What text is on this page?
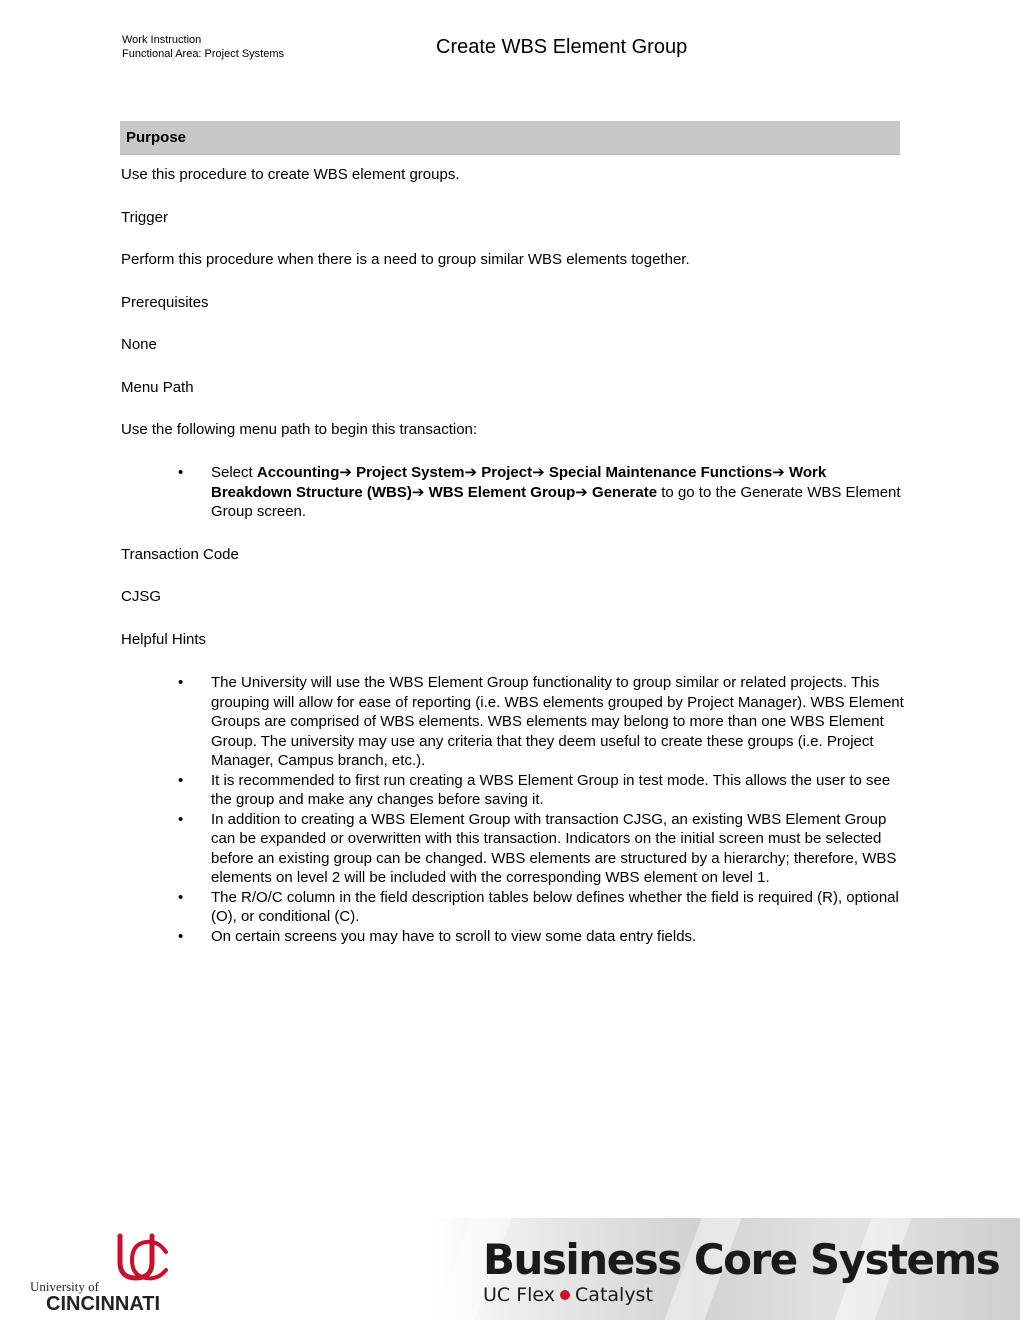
Work Instruction
Functional Area: Project Systems	Create WBS Element Group
Purpose
Use this procedure to create WBS element groups.
Trigger
Perform this procedure when there is a need to group similar WBS elements together.
Prerequisites
None
Menu Path
Use the following menu path to begin this transaction:
• Select Accounting➔ Project System➔ Project➔ Special Maintenance Functions➔ Work Breakdown Structure (WBS)➔ WBS Element Group➔ Generate to go to the Generate WBS Element Group screen.
Transaction Code
CJSG
Helpful Hints
• The University will use the WBS Element Group functionality to group similar or related projects. This grouping will allow for ease of reporting (i.e. WBS elements grouped by Project Manager). WBS Element Groups are comprised of WBS elements. WBS elements may belong to more than one WBS Element Group. The university may use any criteria that they deem useful to create these groups (i.e. Project Manager, Campus branch, etc.).
• It is recommended to first run creating a WBS Element Group in test mode. This allows the user to see the group and make any changes before saving it.
• In addition to creating a WBS Element Group with transaction CJSG, an existing WBS Element Group can be expanded or overwritten with this transaction. Indicators on the initial screen must be selected before an existing group can be changed. WBS elements are structured by a hierarchy; therefore, WBS elements on level 2 will be included with the corresponding WBS element on level 1.
• The R/O/C column in the field description tables below defines whether the field is required (R), optional (O), or conditional (C).
• On certain screens you may have to scroll to view some data entry fields.
University of
CINCINNATI
Business Core Systems
UC Flex Catalyst
